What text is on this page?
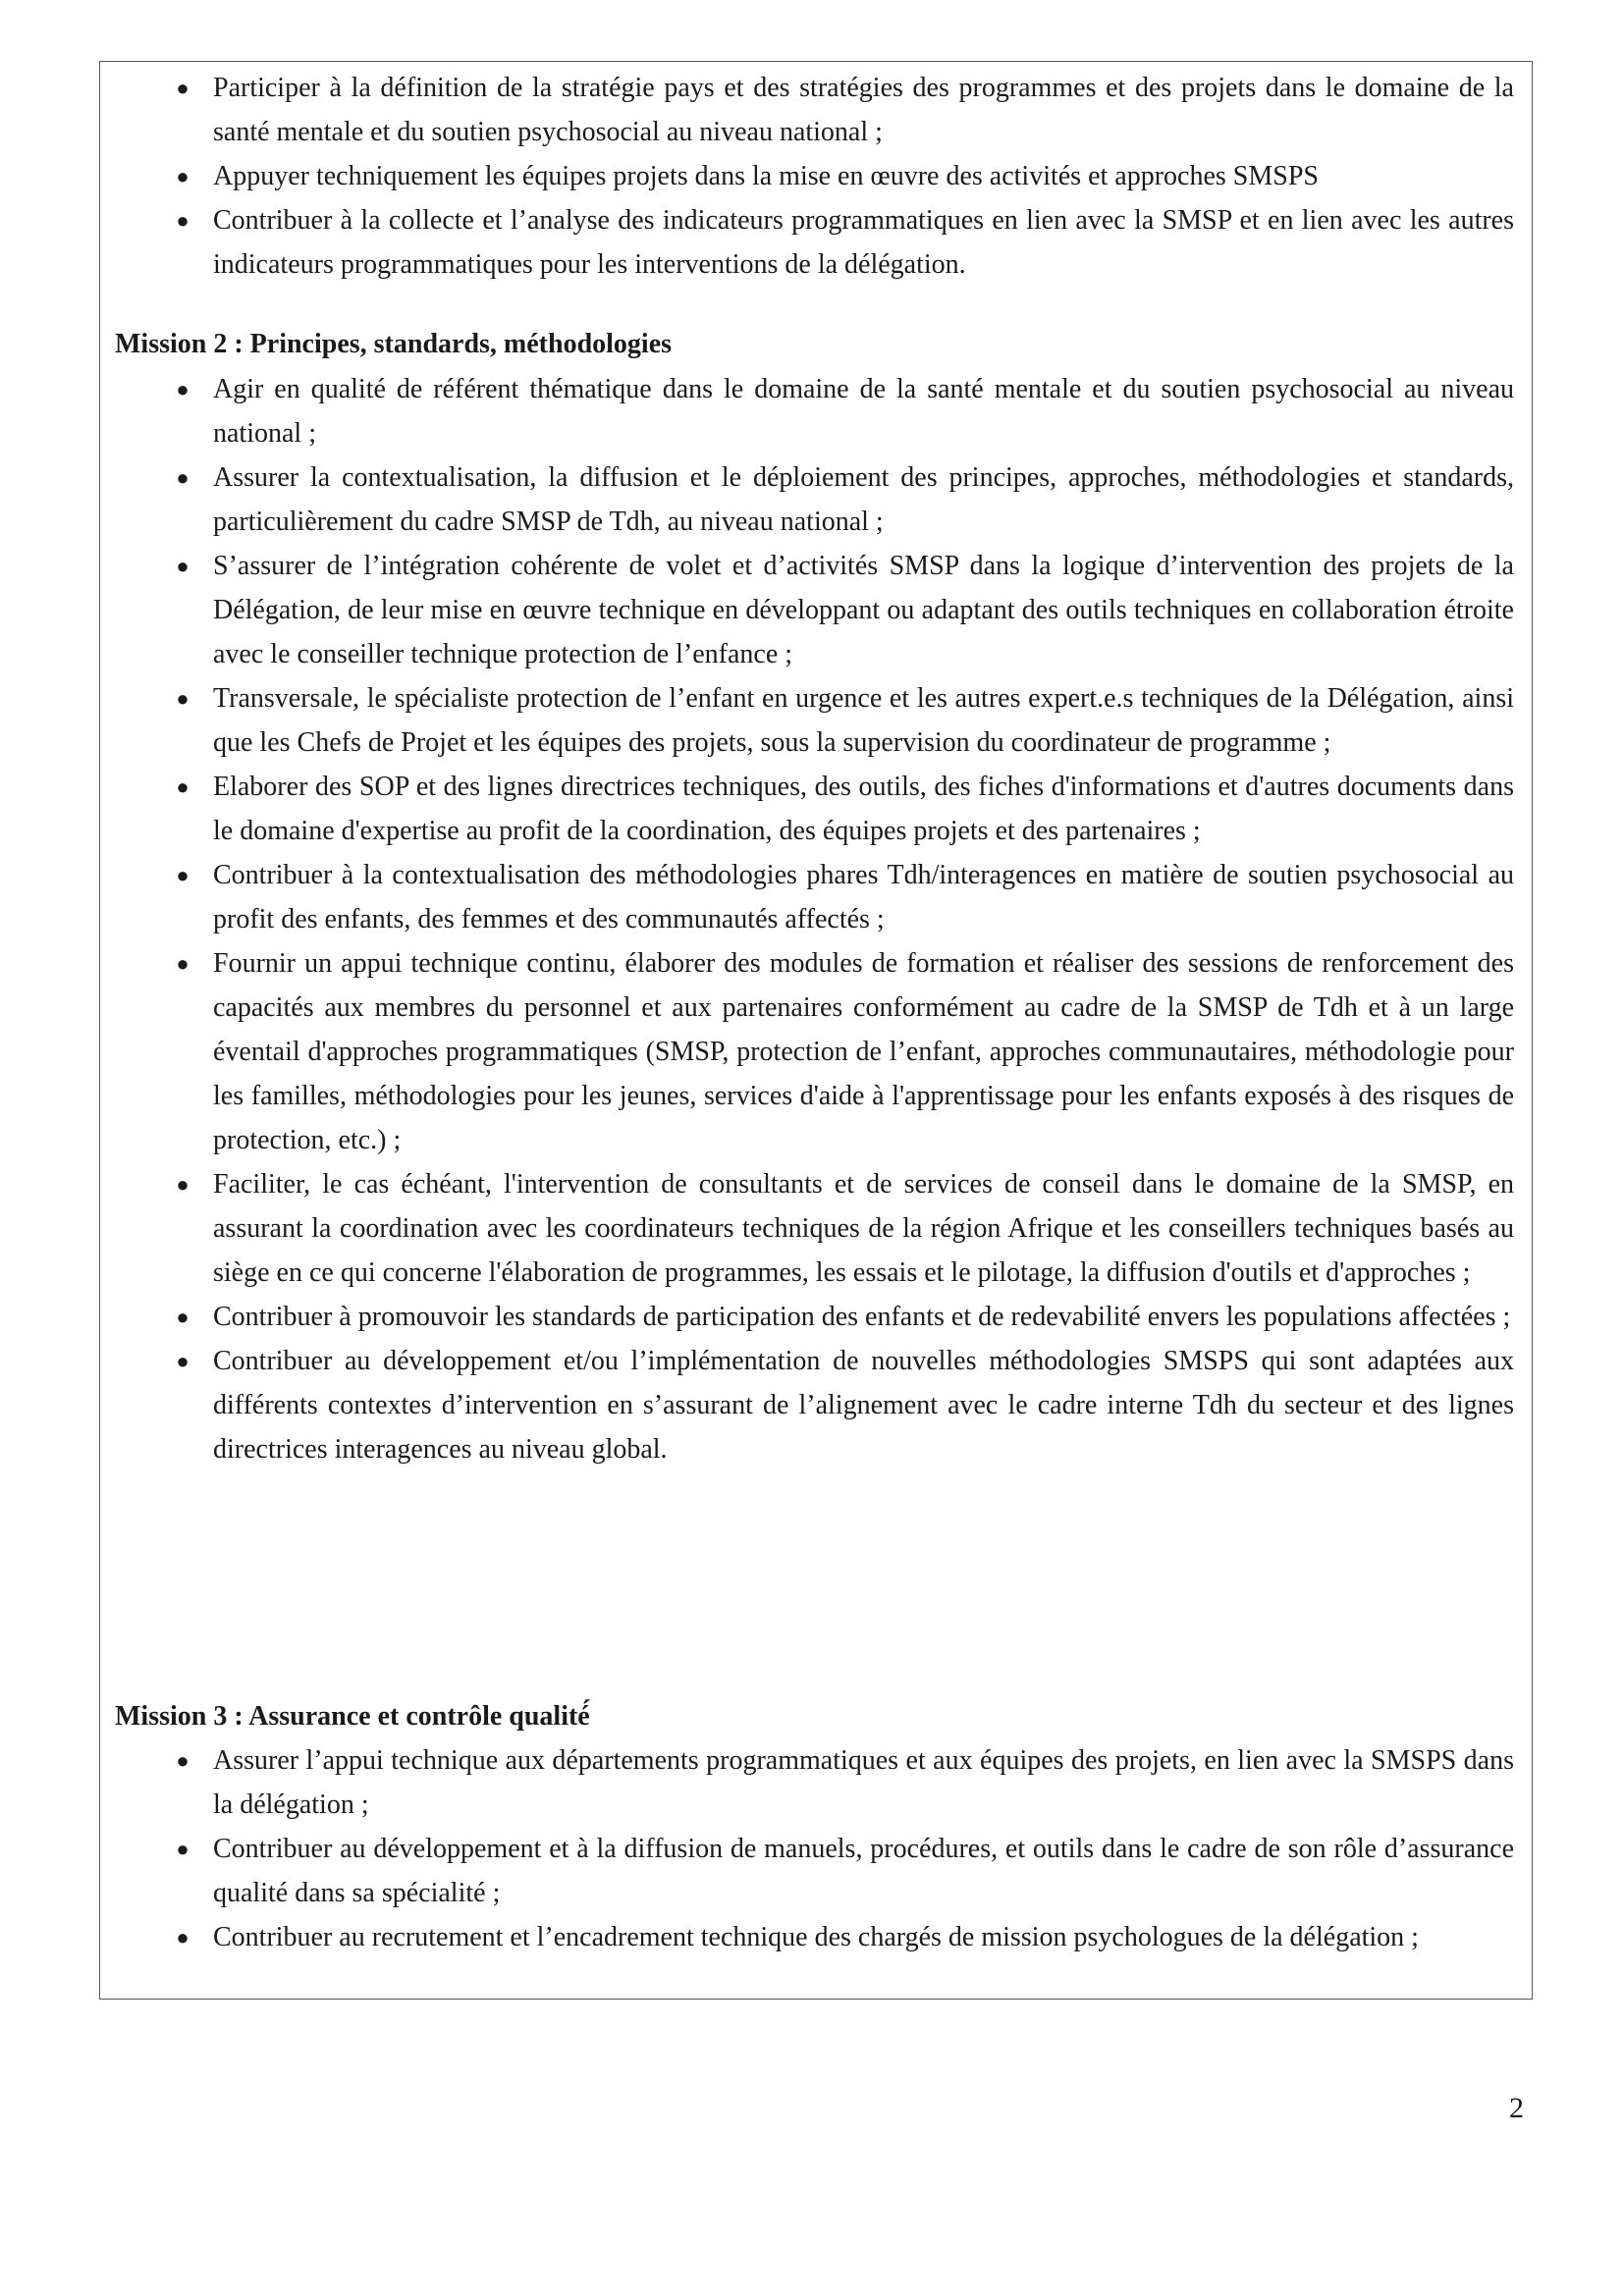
● Participer à la définition de la stratégie pays et des stratégies des programmes et des projets dans le domaine de la santé mentale et du soutien psychosocial au niveau national ;
● Appuyer techniquement les équipes projets dans la mise en œuvre des activités et approches SMSPS
● Contribuer à la collecte et l’analyse des indicateurs programmatiques en lien avec la SMSP et en lien avec les autres indicateurs programmatiques pour les interventions de la délégation.

Mission 2 : Principes, standards, méthodologies

● Agir en qualité de référent thématique dans le domaine de la santé mentale et du soutien psychosocial au niveau national ;
● Assurer la contextualisation, la diffusion et le déploiement des principes, approches, méthodologies et standards, particulièrement du cadre SMSP de Tdh, au niveau national ;
● S’assurer de l’intégration cohérente de volet et d’activités SMSP dans la logique d’intervention des projets de la Délégation, de leur mise en œuvre technique en développant ou adaptant des outils techniques en collaboration étroite avec le conseiller technique protection de l’enfance ;
● Transversale, le spécialiste protection de l’enfant en urgence et les autres expert.e.s techniques de la Délégation, ainsi que les Chefs de Projet et les équipes des projets, sous la supervision du coordinateur de programme ;
● Elaborer des SOP et des lignes directrices techniques, des outils, des fiches d'informations et d'autres documents dans le domaine d'expertise au profit de la coordination, des équipes projets et des partenaires ;
● Contribuer à la contextualisation des méthodologies phares Tdh/interagences en matière de soutien psychosocial au profit des enfants, des femmes et des communautés affectés ;
● Fournir un appui technique continu, élaborer des modules de formation et réaliser des sessions de renforcement des capacités aux membres du personnel et aux partenaires conformément au cadre de la SMSP de Tdh et à un large éventail d'approches programmatiques (SMSP, protection de l’enfant, approches communautaires, méthodologie pour les familles, méthodologies pour les jeunes, services d'aide à l'apprentissage pour les enfants exposés à des risques de protection, etc.) ;
● Faciliter, le cas échéant, l'intervention de consultants et de services de conseil dans le domaine de la SMSP, en assurant la coordination avec les coordinateurs techniques de la région Afrique et les conseillers techniques basés au siège en ce qui concerne l'élaboration de programmes, les essais et le pilotage, la diffusion d'outils et d'approches ;
● Contribuer à promouvoir les standards de participation des enfants et de redevabilité envers les populations affectées ;
● Contribuer au développement et/ou l’implémentation de nouvelles méthodologies SMSPS qui sont adaptées aux différents contextes d’intervention en s’assurant de l’alignement avec le cadre interne Tdh du secteur et des lignes directrices interagences au niveau global.

Mission 3 : Assurance et contrôle qualité́

● Assurer l’appui technique aux départements programmatiques et aux équipes des projets, en lien avec la SMSPS dans la délégation ;
● Contribuer au développement et à la diffusion de manuels, procédures, et outils dans le cadre de son rôle d’assurance qualité dans sa spécialité ;
● Contribuer au recrutement et l’encadrement technique des chargés de mission psychologues de la délégation ;
2
